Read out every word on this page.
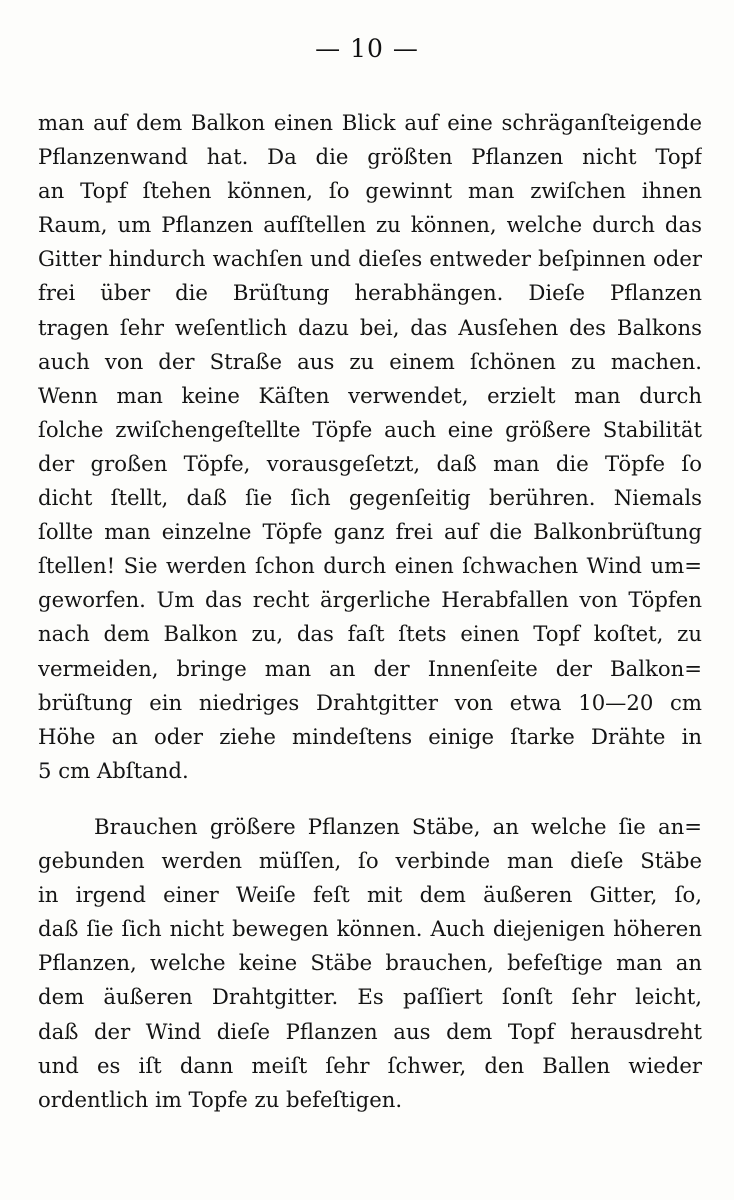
— 10 —
man auf dem Balkon einen Blick auf eine schräganſteigende
Pflanzenwand hat. Da die größten Pflanzen nicht Topf
an Topf ſtehen können, ſo gewinnt man zwiſchen ihnen
Raum, um Pflanzen aufſtellen zu können, welche durch das
Gitter hindurch wachſen und dieſes entweder beſpinnen oder
frei über die Brüſtung herabhängen. Dieſe Pflanzen
tragen ſehr weſentlich dazu bei, das Ausſehen des Balkons
auch von der Straße aus zu einem ſchönen zu machen.
Wenn man keine Käſten verwendet, erzielt man durch
ſolche zwiſchengeſtellte Töpfe auch eine größere Stabilität
der großen Töpfe, vorausgeſetzt, daß man die Töpfe ſo
dicht ſtellt, daß ſie ſich gegenſeitig berühren. Niemals
ſollte man einzelne Töpfe ganz frei auf die Balkonbrüſtung
ſtellen! Sie werden ſchon durch einen ſchwachen Wind um=
geworfen. Um das recht ärgerliche Herabfallen von Töpfen
nach dem Balkon zu, das faſt ſtets einen Topf koſtet, zu
vermeiden, bringe man an der Innenſeite der Balkon=
brüſtung ein niedriges Drahtgitter von etwa 10—20 cm
Höhe an oder ziehe mindeſtens einige ſtarke Drähte in
5 cm Abſtand.
Brauchen größere Pflanzen Stäbe, an welche ſie an=
gebunden werden müſſen, ſo verbinde man dieſe Stäbe
in irgend einer Weiſe feſt mit dem äußeren Gitter, ſo,
daß ſie ſich nicht bewegen können. Auch diejenigen höheren
Pflanzen, welche keine Stäbe brauchen, befeſtige man an
dem äußeren Drahtgitter. Es paſſiert ſonſt ſehr leicht,
daß der Wind dieſe Pflanzen aus dem Topf herausdreht
und es iſt dann meiſt ſehr ſchwer, den Ballen wieder
ordentlich im Topfe zu befeſtigen.
